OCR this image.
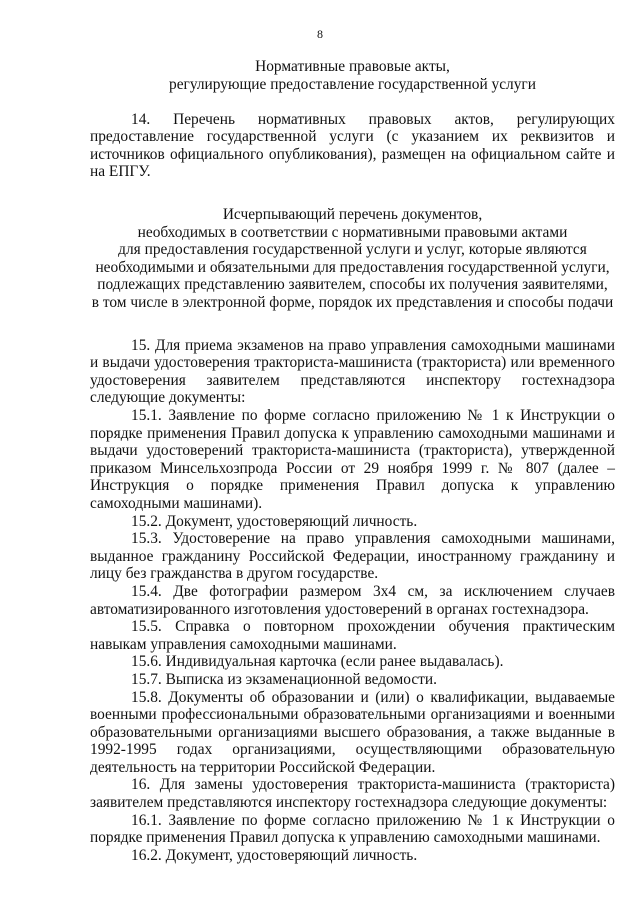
8
Нормативные правовые акты,
регулирующие предоставление государственной услуги

14. Перечень нормативных правовых актов, регулирующих предоставление государственной услуги (с указанием их реквизитов и источников официального опубликования), размещен на официальном сайте и на ЕПГУ.

Исчерпывающий перечень документов,
необходимых в соответствии с нормативными правовыми актами
для предоставления государственной услуги и услуг, которые являются
необходимыми и обязательными для предоставления государственной услуги,
подлежащих представлению заявителем, способы их получения заявителями,
в том числе в электронной форме, порядок их представления и способы подачи

15. Для приема экзаменов на право управления самоходными машинами и выдачи удостоверения тракториста-машиниста (тракториста) или временного удостоверения заявителем представляются инспектору гостехнадзора следующие документы:

15.1. Заявление по форме согласно приложению № 1 к Инструкции о порядке применения Правил допуска к управлению самоходными машинами и выдачи удостоверений тракториста-машиниста (тракториста), утвержденной приказом Минсельхозпрода России от 29 ноября 1999 г. № 807 (далее – Инструкция о порядке применения Правил допуска к управлению самоходными машинами).

15.2. Документ, удостоверяющий личность.

15.3. Удостоверение на право управления самоходными машинами, выданное гражданину Российской Федерации, иностранному гражданину и лицу без гражданства в другом государстве.

15.4. Две фотографии размером 3х4 см, за исключением случаев автоматизированного изготовления удостоверений в органах гостехнадзора.

15.5. Справка о повторном прохождении обучения практическим навыкам управления самоходными машинами.

15.6. Индивидуальная карточка (если ранее выдавалась).

15.7. Выписка из экзаменационной ведомости.

15.8. Документы об образовании и (или) о квалификации, выдаваемые военными профессиональными образовательными организациями и военными образовательными организациями высшего образования, а также выданные в 1992-1995 годах организациями, осуществляющими образовательную деятельность на территории Российской Федерации.

16. Для замены удостоверения тракториста-машиниста (тракториста) заявителем представляются инспектору гостехнадзора следующие документы:

16.1. Заявление по форме согласно приложению № 1 к Инструкции о порядке применения Правил допуска к управлению самоходными машинами.

16.2. Документ, удостоверяющий личность.
